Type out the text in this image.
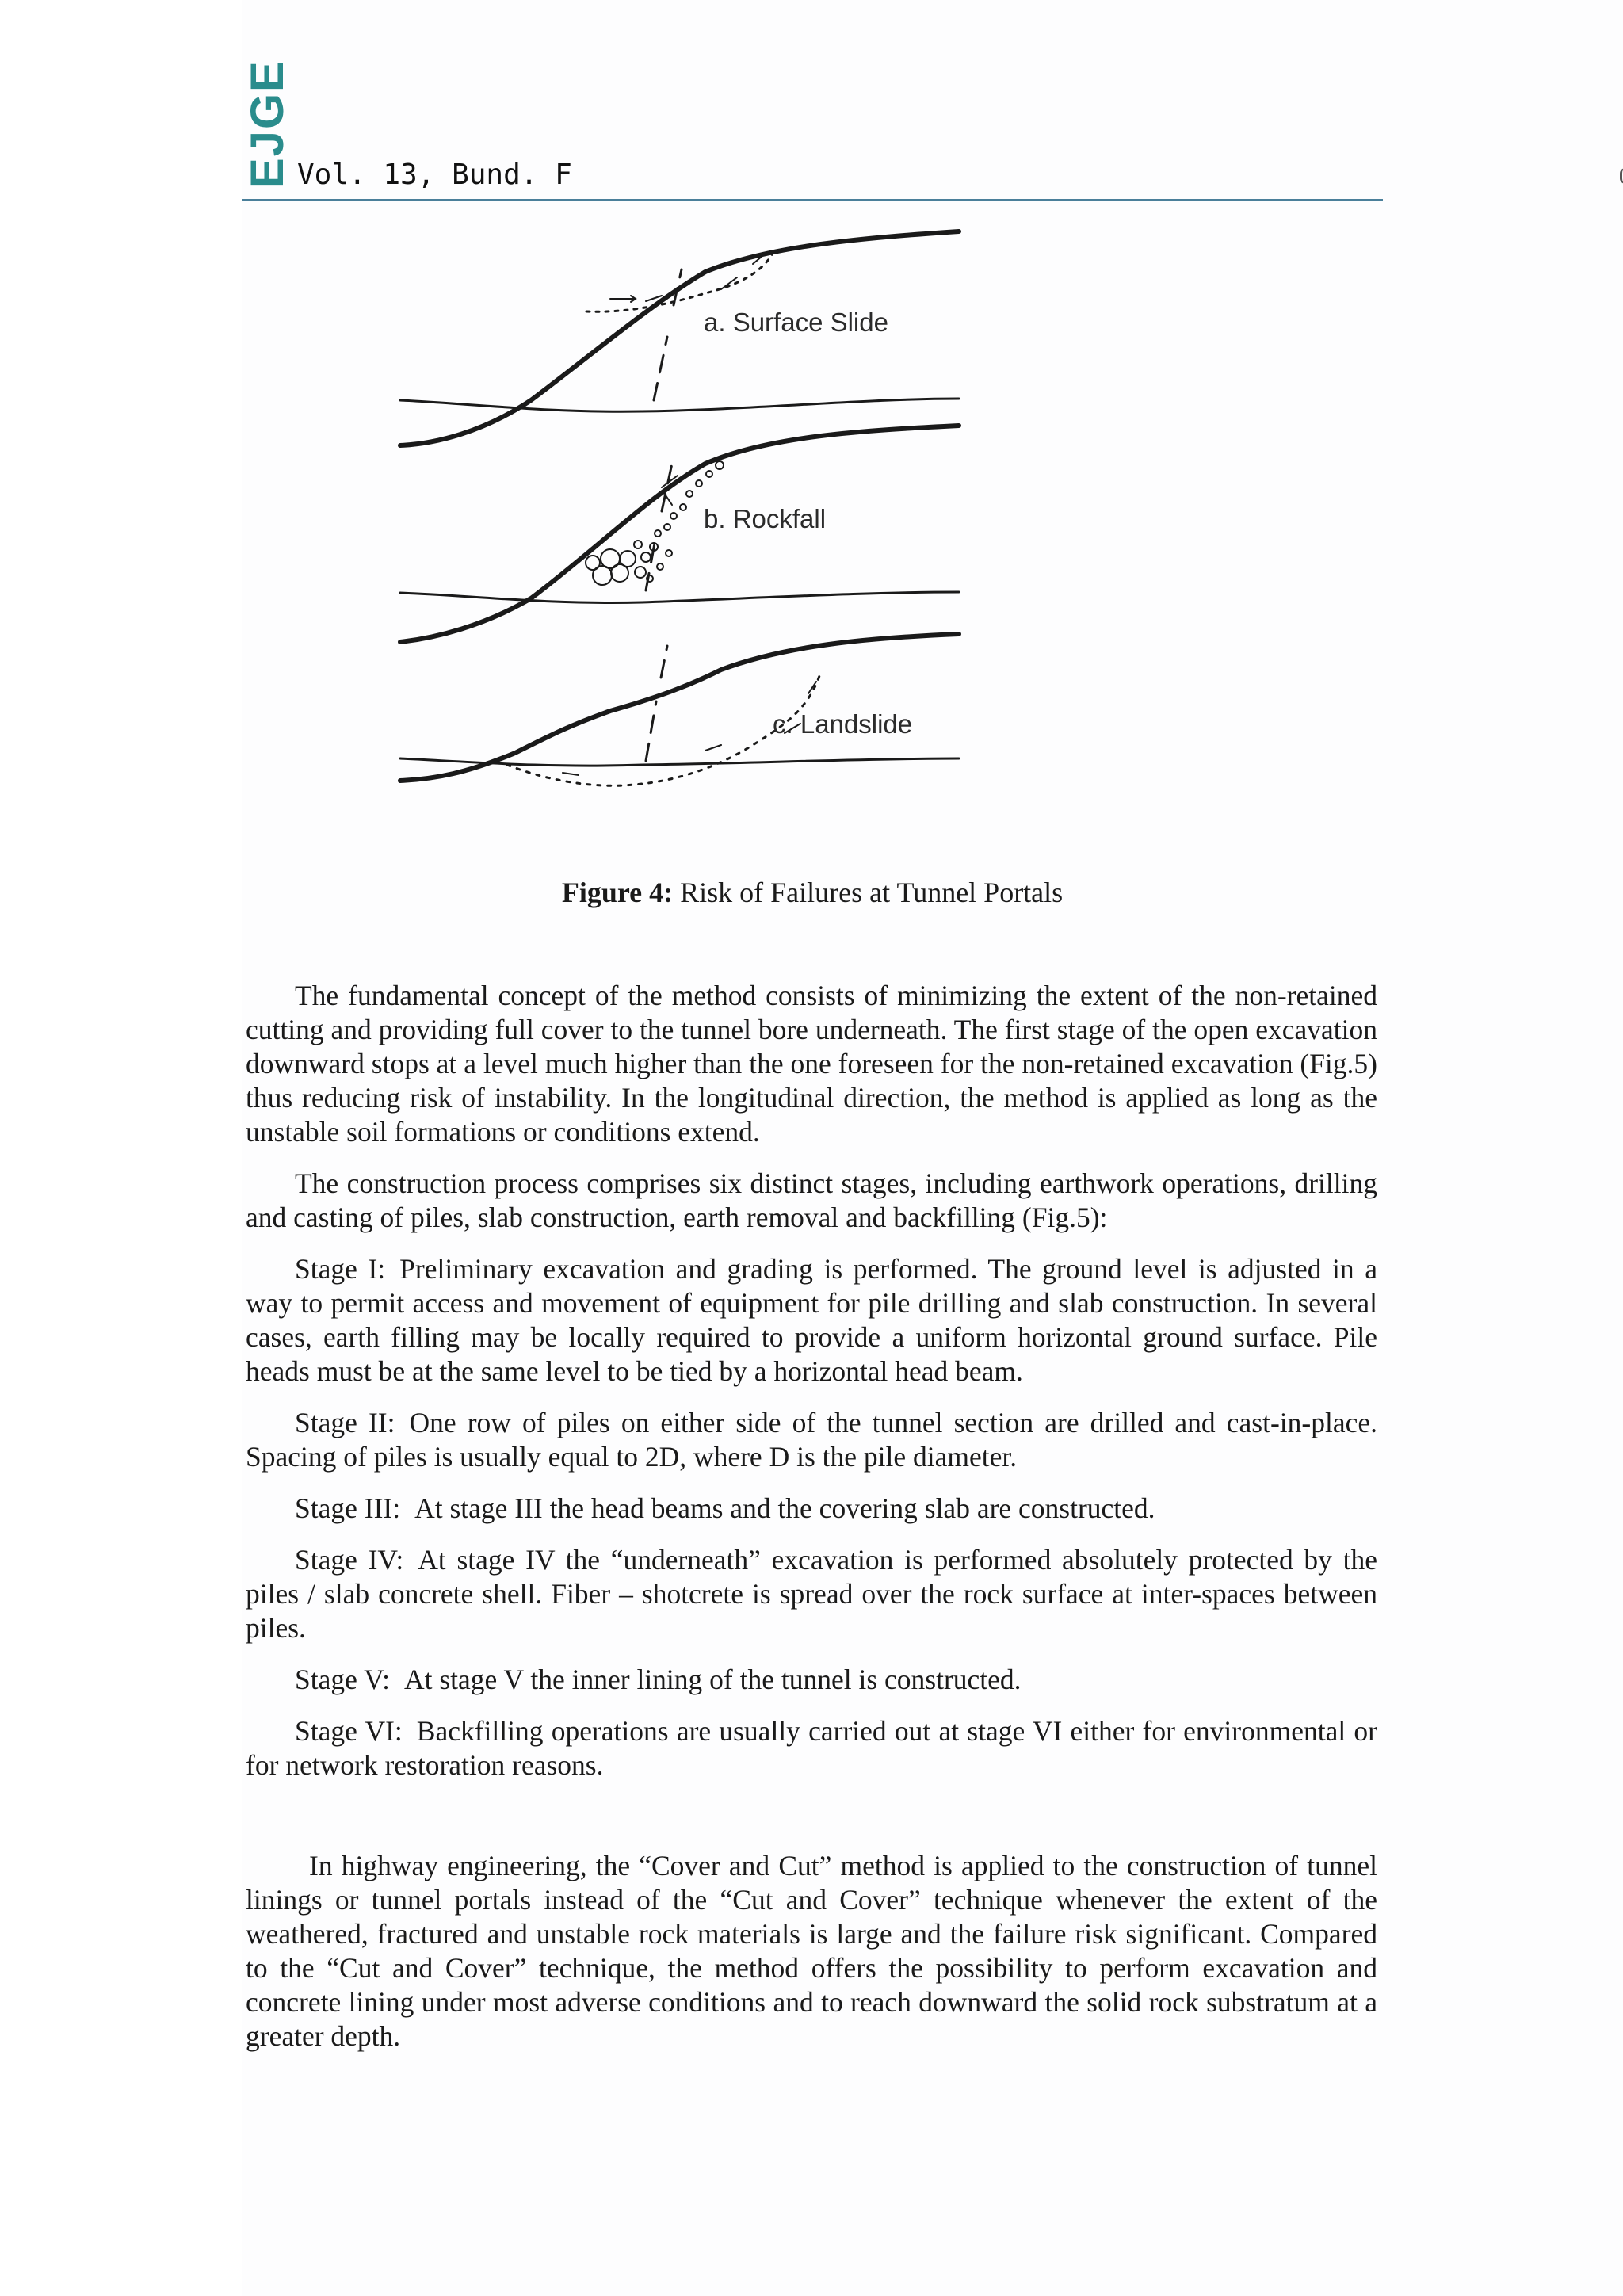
EJGE Vol. 13, Bund. F
a. Surface Slide
b. Rockfall
c. Landslide
Figure 4: Risk of Failures at Tunnel Portals

The fundamental concept of the method consists of minimizing the extent of the non-retained cutting and providing full cover to the tunnel bore underneath. The first stage of the open excavation downward stops at a level much higher than the one foreseen for the non-retained excavation (Fig.5) thus reducing risk of instability. In the longitudinal direction, the method is applied as long as the unstable soil formations or conditions extend.

The construction process comprises six distinct stages, including earthwork operations, drilling and casting of piles, slab construction, earth removal and backfilling (Fig.5):

Stage I: Preliminary excavation and grading is performed. The ground level is adjusted in a way to permit access and movement of equipment for pile drilling and slab construction. In several cases, earth filling may be locally required to provide a uniform horizontal ground surface. Pile heads must be at the same level to be tied by a horizontal head beam.

Stage II: One row of piles on either side of the tunnel section are drilled and cast-in-place. Spacing of piles is usually equal to 2D, where D is the pile diameter.

Stage III: At stage III the head beams and the covering slab are constructed.

Stage IV: At stage IV the “underneath” excavation is performed absolutely protected by the piles / slab concrete shell. Fiber – shotcrete is spread over the rock surface at inter-spaces between piles.

Stage V: At stage V the inner lining of the tunnel is constructed.

Stage VI: Backfilling operations are usually carried out at stage VI either for environmental or for network restoration reasons.

In highway engineering, the “Cover and Cut” method is applied to the construction of tunnel linings or tunnel portals instead of the “Cut and Cover” technique whenever the extent of the weathered, fractured and unstable rock materials is large and the failure risk significant. Compared to the “Cut and Cover” technique, the method offers the possibility to perform excavation and concrete lining under most adverse conditions and to reach downward the solid rock substratum at a greater depth.
